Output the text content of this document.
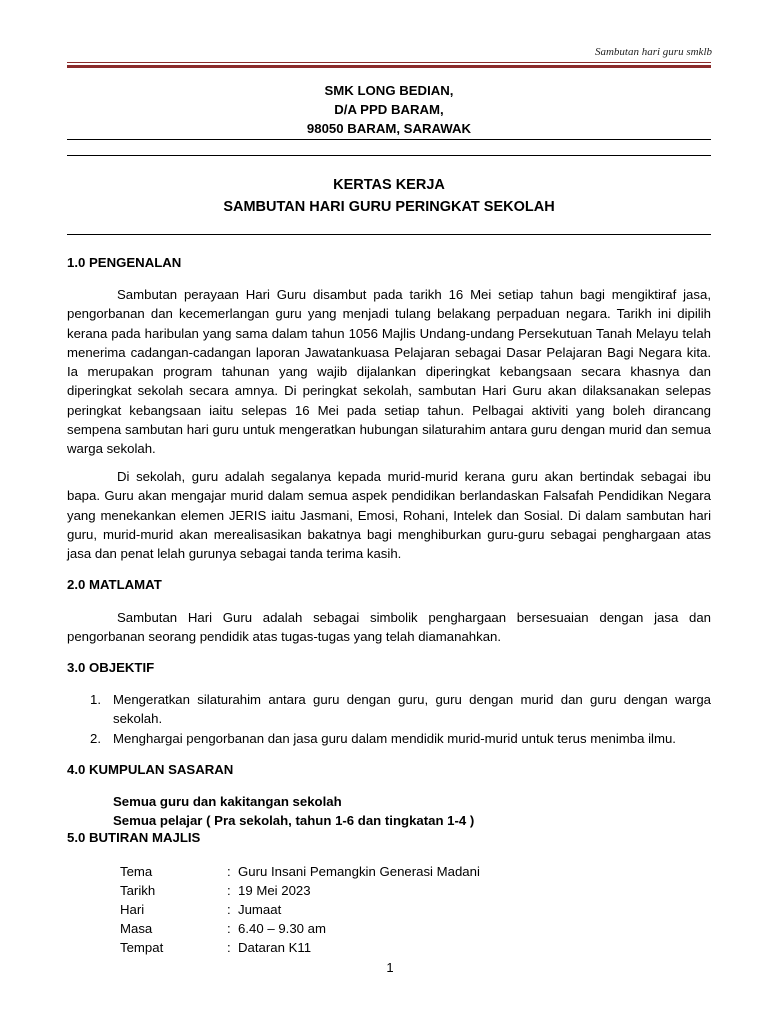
Sambutan hari guru smklb
SMK LONG BEDIAN,
D/A PPD BARAM,
98050 BARAM, SARAWAK
KERTAS KERJA
SAMBUTAN HARI GURU PERINGKAT SEKOLAH
1.0 PENGENALAN

Sambutan perayaan Hari Guru disambut pada tarikh 16 Mei setiap tahun bagi mengiktiraf jasa, pengorbanan dan kecemerlangan guru yang menjadi tulang belakang perpaduan negara. Tarikh ini dipilih kerana pada haribulan yang sama dalam tahun 1056 Majlis Undang-undang Persekutuan Tanah Melayu telah menerima cadangan-cadangan laporan Jawatankuasa Pelajaran sebagai Dasar Pelajaran Bagi Negara kita. Ia merupakan program tahunan yang wajib dijalankan diperingkat kebangsaan secara khasnya dan diperingkat sekolah secara amnya. Di peringkat sekolah, sambutan Hari Guru akan dilaksanakan selepas peringkat kebangsaan iaitu selepas 16 Mei pada setiap tahun. Pelbagai aktiviti yang boleh dirancang sempena sambutan hari guru untuk mengeratkan hubungan silaturahim antara guru dengan murid dan semua warga sekolah.

Di sekolah, guru adalah segalanya kepada murid-murid kerana guru akan bertindak sebagai ibu bapa. Guru akan mengajar murid dalam semua aspek pendidikan berlandaskan Falsafah Pendidikan Negara yang menekankan elemen JERIS iaitu Jasmani, Emosi, Rohani, Intelek dan Sosial. Di dalam sambutan hari guru, murid-murid akan merealisasikan bakatnya bagi menghiburkan guru-guru sebagai penghargaan atas jasa dan penat lelah gurunya sebagai tanda terima kasih.

2.0 MATLAMAT

Sambutan Hari Guru adalah sebagai simbolik penghargaan bersesuaian dengan jasa dan pengorbanan seorang pendidik atas tugas-tugas yang telah diamanahkan.

3.0 OBJEKTIF
1. Mengeratkan silaturahim antara guru dengan guru, guru dengan murid dan guru dengan warga sekolah.
2. Menghargai pengorbanan dan jasa guru dalam mendidik murid-murid untuk terus menimba ilmu.
4.0 KUMPULAN SASARAN
Semua guru dan kakitangan sekolah
Semua pelajar ( Pra sekolah, tahun 1-6 dan tingkatan 1-4 )
5.0 BUTIRAN MAJLIS
Tema	: Guru Insani Pemangkin Generasi Madani
Tarikh	: 19 Mei 2023
Hari	: Jumaat
Masa	: 6.40 – 9.30 am
Tempat	: Dataran K11
1
